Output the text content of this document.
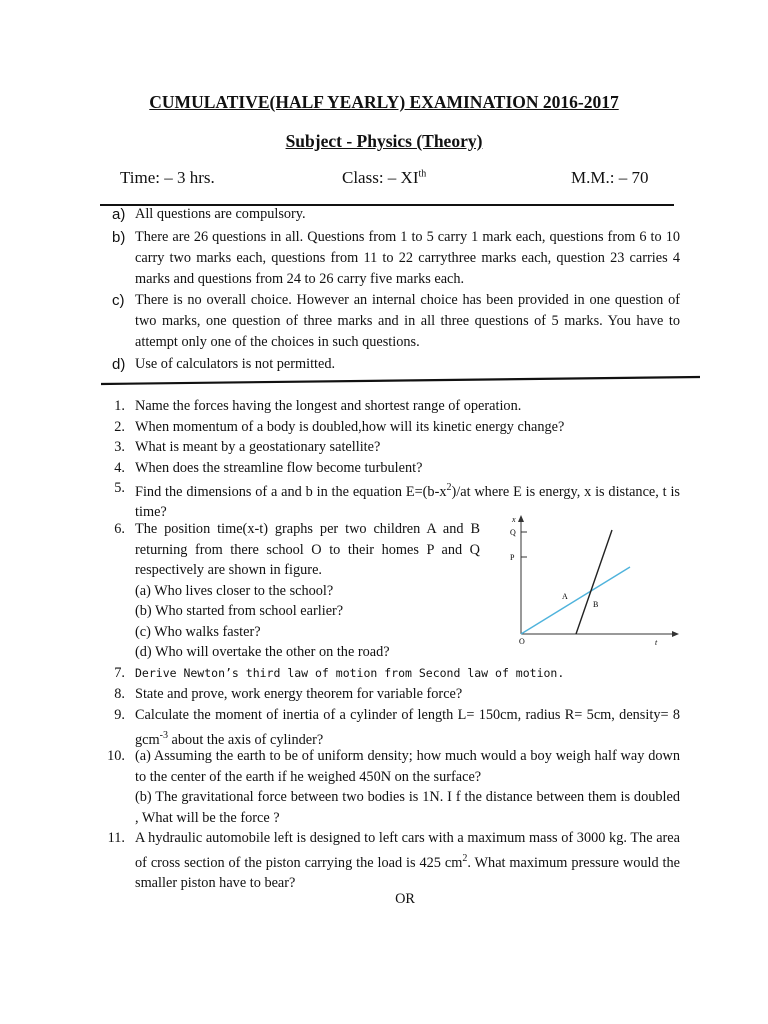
CUMULATIVE(HALF YEARLY) EXAMINATION 2016-2017
Subject - Physics (Theory)
Time: – 3 hrs.	Class: – XIth	M.M.: – 70
a) All questions are compulsory.
b) There are 26 questions in all. Questions from 1 to 5 carry 1 mark each, questions from 6 to 10 carry two marks each, questions from 11 to 22 carrythree marks each, question 23 carries 4 marks and questions from 24 to 26 carry five marks each.
c) There is no overall choice. However an internal choice has been provided in one question of two marks, one question of three marks and in all three questions of 5 marks. You have to attempt only one of the choices in such questions.
d) Use of calculators is not permitted.
1. Name the forces having the longest and shortest range of operation.
2. When momentum of a body is doubled,how will its kinetic energy change?
3. What is meant by a geostationary satellite?
4. When does the streamline flow become turbulent?
5. Find the dimensions of a and b in the equation $E=(b-x^2)/at$ where E is energy, x is distance, t is time?
6. The position time(x-t) graphs per two children A and B returning from there school O to their homes P and Q respectively are shown in figure.
(a) Who lives closer to the school?
(b) Who started from school earlier?
(c) Who walks faster?
(d) Who will overtake the other on the road?
x
Q
P
A
B
O	t
7. Derive Newton’s third law of motion from Second law of motion.
8. State and prove, work energy theorem for variable force?
9. Calculate the moment of inertia of a cylinder of length L= 150cm, radius R= 5cm, density= 8 gcm$^{-3}$ about the axis of cylinder?
10. (a) Assuming the earth to be of uniform density; how much would a boy weigh half way down to the center of the earth if he weighed 450N on the surface?
(b) The gravitational force between two bodies is 1N. I f the distance between them is doubled , What will be the force ?
11. A hydraulic automobile left is designed to left cars with a maximum mass of 3000 kg. The area of cross section of the piston carrying the load is 425 $cm^2$. What maximum pressure would the smaller piston have to bear?
OR
